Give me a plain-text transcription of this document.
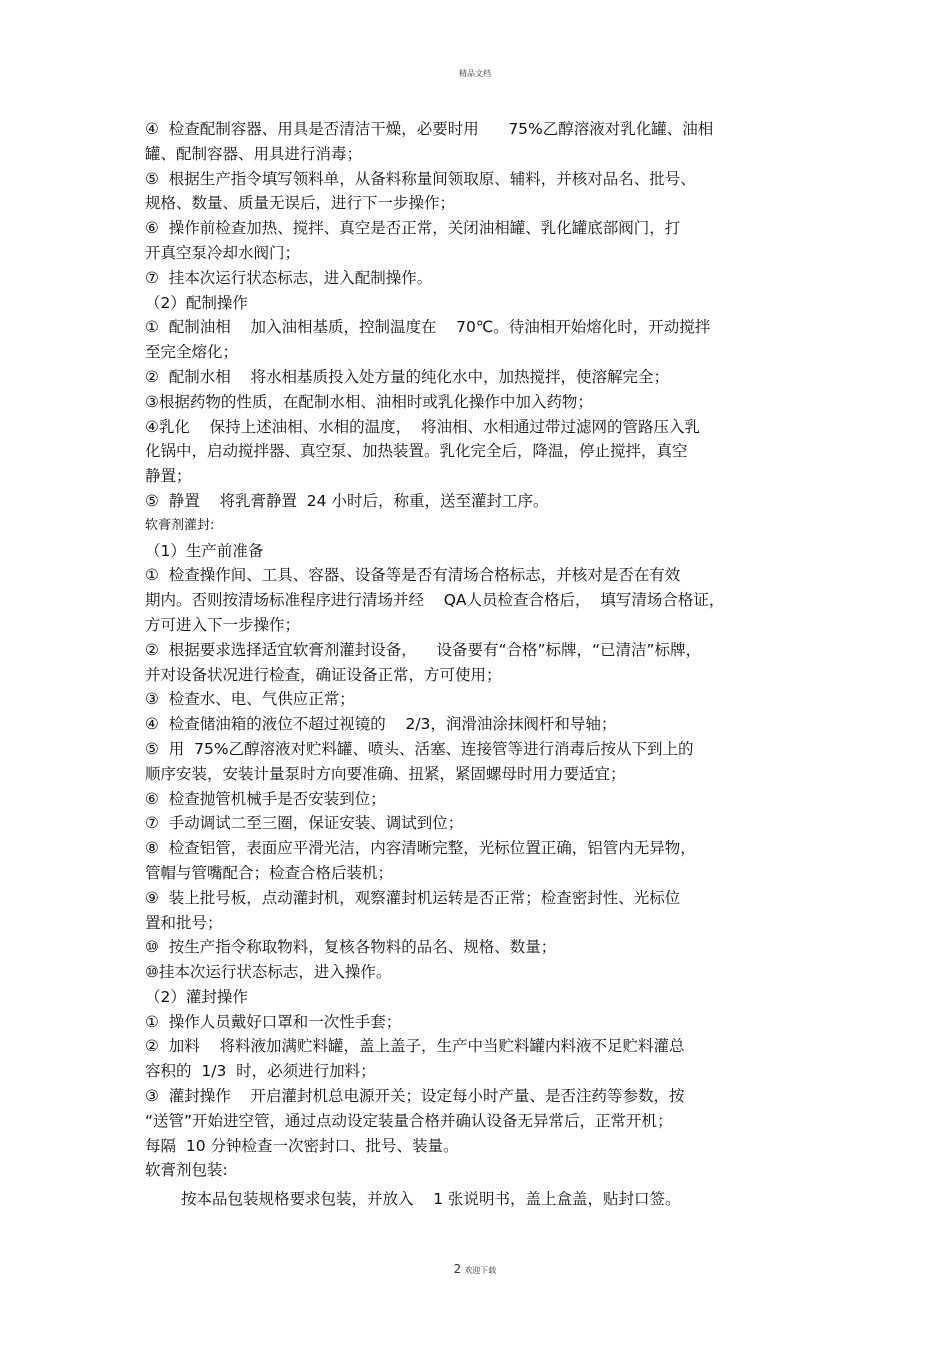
精品文档
④  检查配制容器、用具是否清洁干燥，必要时用      75%乙醇溶液对乳化罐、油相
罐、配制容器、用具进行消毒；
⑤  根据生产指令填写领料单，从备料称量间领取原、辅料，并核对品名、批号、
规格、数量、质量无误后，进行下一步操作；
⑥  操作前检查加热、搅拌、真空是否正常，关闭油相罐、乳化罐底部阀门，打
开真空泵冷却水阀门；
⑦  挂本次运行状态标志，进入配制操作。
（2）配制操作
①  配制油相    加入油相基质，控制温度在    70℃。待油相开始熔化时，开动搅拌
至完全熔化；
②  配制水相    将水相基质投入处方量的纯化水中，加热搅拌，使溶解完全；
③根据药物的性质，在配制水相、油相时或乳化操作中加入药物；
④乳化    保持上述油相、水相的温度，  将油相、水相通过带过滤网的管路压入乳
化锅中，启动搅拌器、真空泵、加热装置。乳化完全后，降温，停止搅拌，真空
静置；
⑤  静置    将乳膏静置  24 小时后，称重，送至灌封工序。
软膏剂灌封:
（1）生产前准备
①  检查操作间、工具、容器、设备等是否有清场合格标志，并核对是否在有效
期内。否则按清场标准程序进行清场并经    QA人员检查合格后，  填写清场合格证，
方可进入下一步操作；
②  根据要求选择适宜软膏剂灌封设备，    设备要有“合格”标牌，“已清洁”标牌，
并对设备状况进行检查，确证设备正常，方可使用；
③  检查水、电、气供应正常；
④  检查储油箱的液位不超过视镜的    2/3，润滑油涂抹阀杆和导轴；
⑤  用  75%乙醇溶液对贮料罐、喷头、活塞、连接管等进行消毒后按从下到上的
顺序安装，安装计量泵时方向要准确、扭紧，紧固螺母时用力要适宜；
⑥  检查抛管机械手是否安装到位；
⑦  手动调试二至三圈，保证安装、调试到位；
⑧  检查铝管，表面应平滑光洁，内容清晰完整，光标位置正确，铝管内无异物，
管帽与管嘴配合；检查合格后装机；
⑨  装上批号板，点动灌封机，观察灌封机运转是否正常；检查密封性、光标位
置和批号；
⑩  按生产指令称取物料，复核各物料的品名、规格、数量；
⑩挂本次运行状态标志，进入操作。
（2）灌封操作
①  操作人员戴好口罩和一次性手套；
②  加料    将料液加满贮料罐，盖上盖子，生产中当贮料罐内料液不足贮料灌总
容积的  1/3  时，必须进行加料；
③  灌封操作    开启灌封机总电源开关；设定每小时产量、是否注药等参数，按
“送管”开始进空管，通过点动设定装量合格并确认设备无异常后，正常开机；
每隔  10 分钟检查一次密封口、批号、装量。
软膏剂包装:
按本品包装规格要求包装，并放入    1 张说明书，盖上盒盖，贴封口签。
2 欢迎下载
